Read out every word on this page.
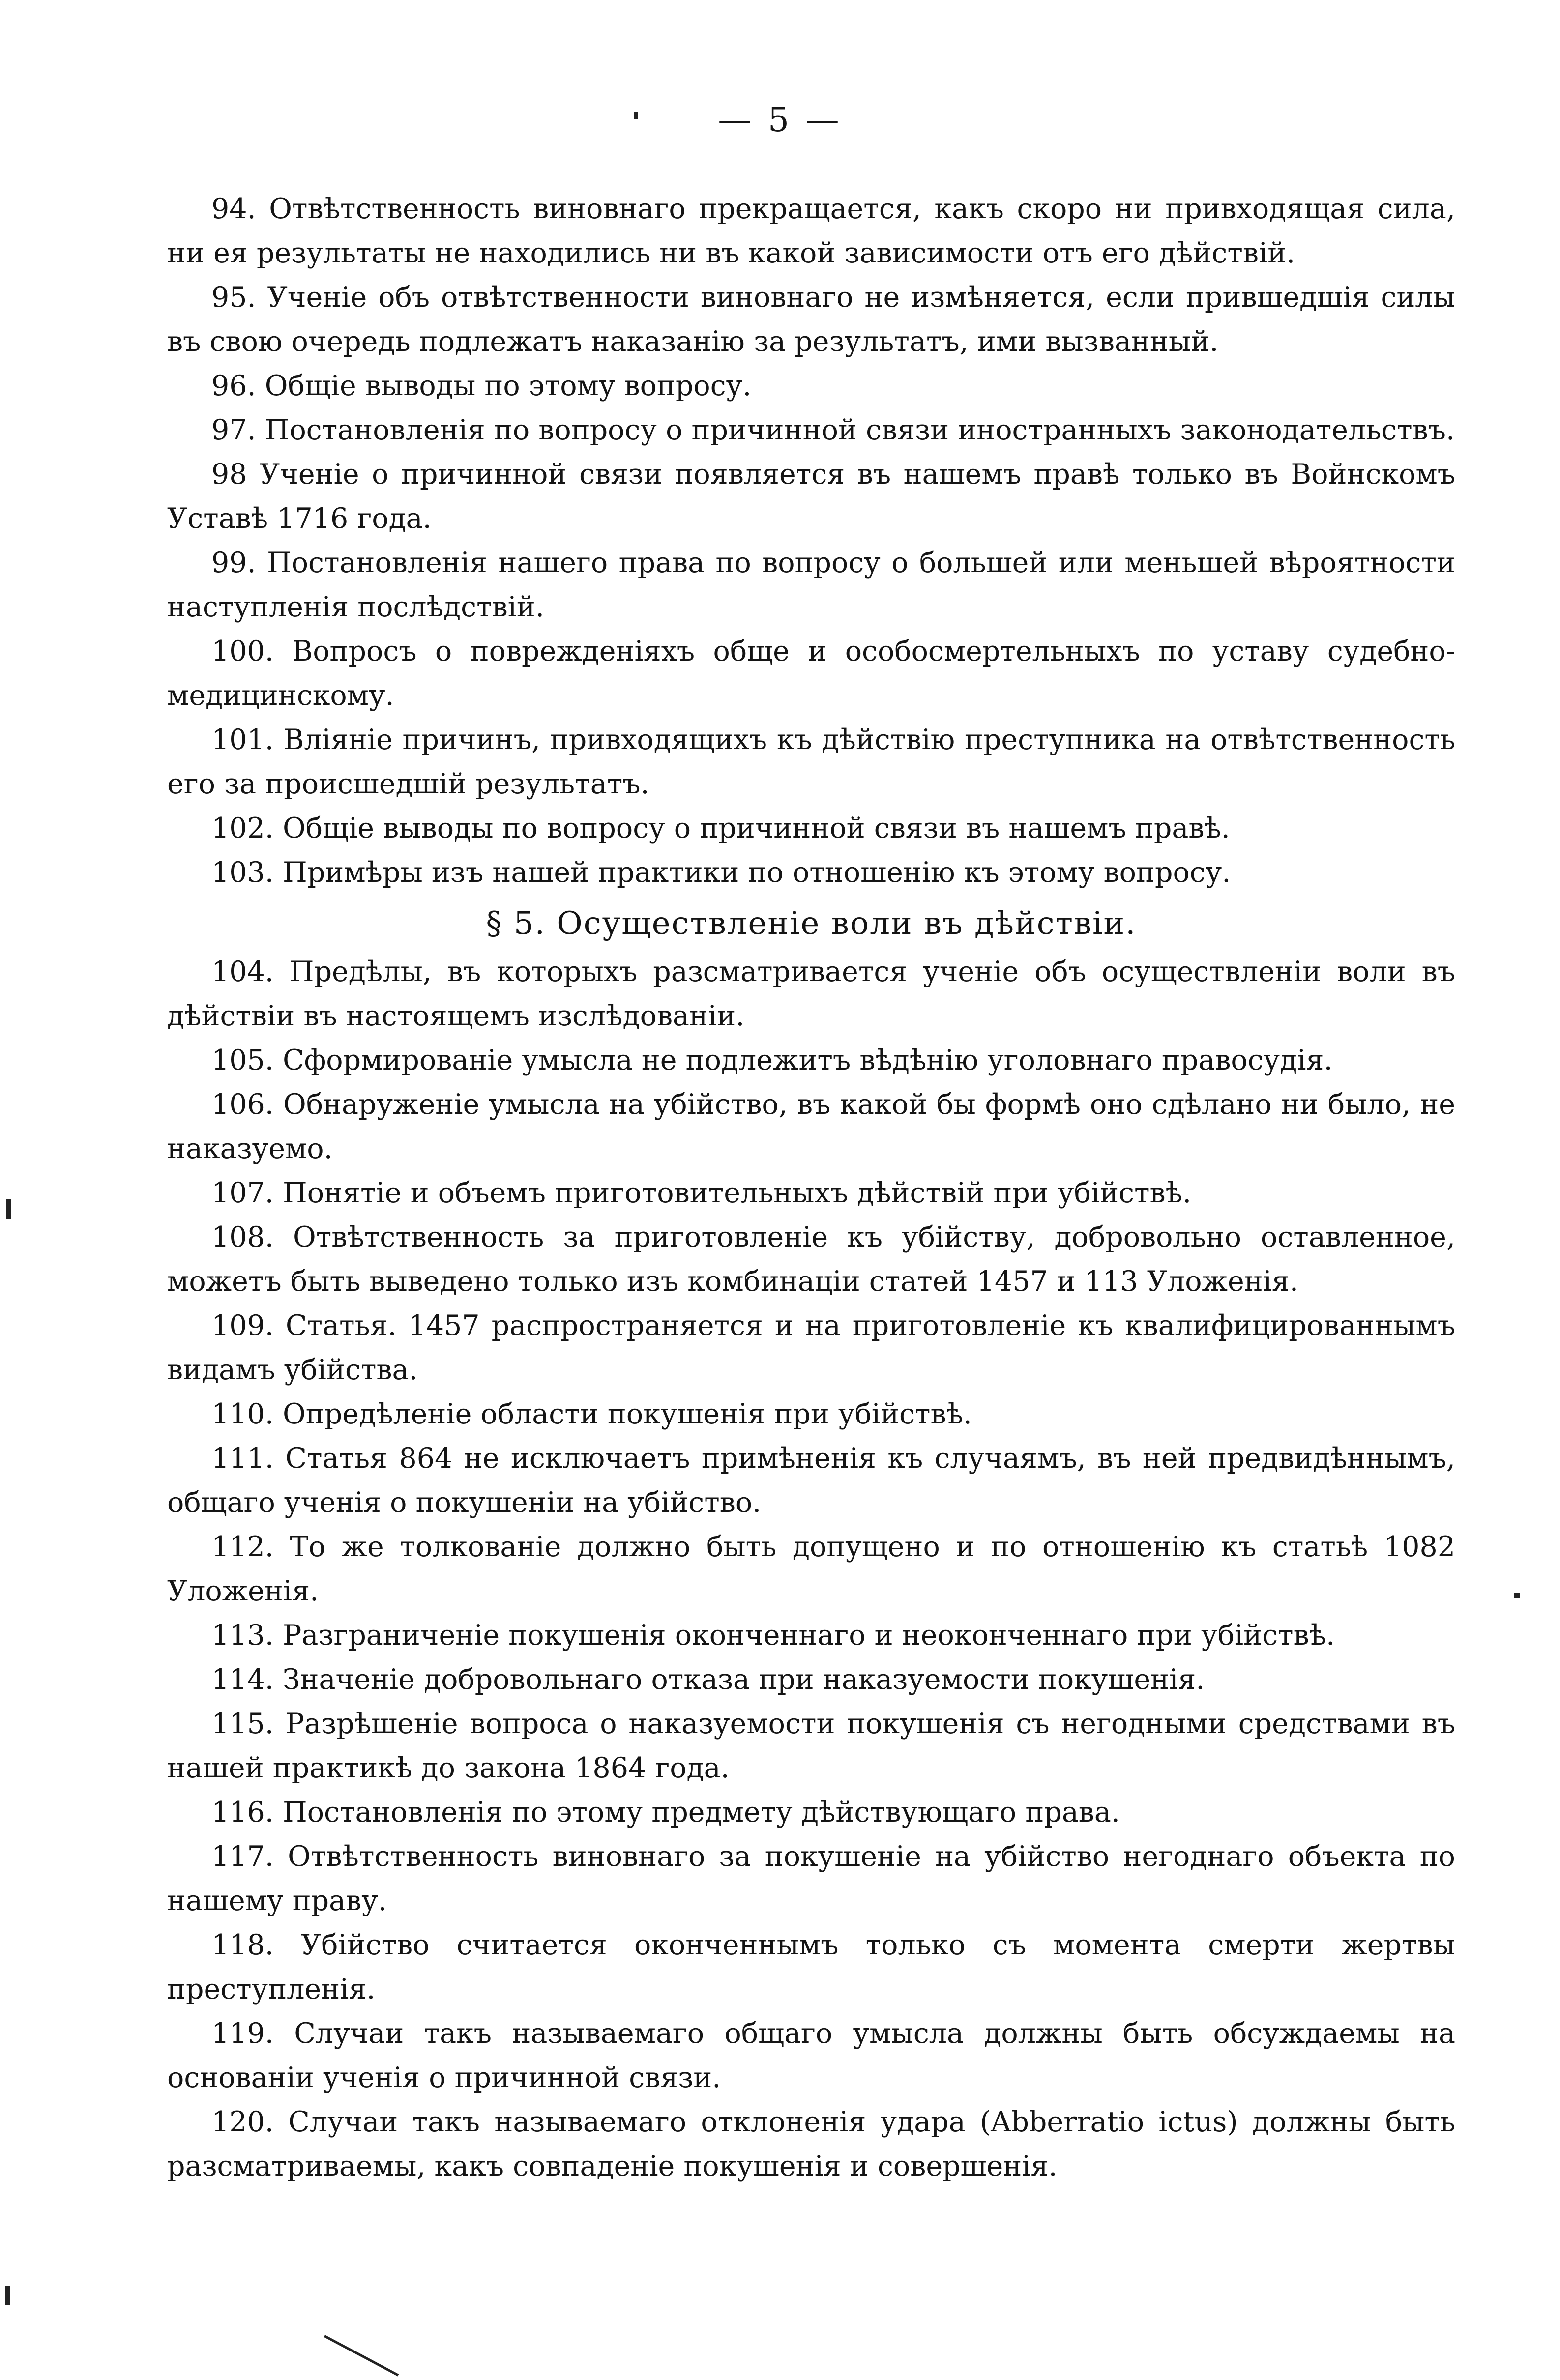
— 5 —

94. Отвѣтственность виновнаго прекращается, какъ скоро ни привходящая сила, ни ея результаты не находились ни въ какой зависимости отъ его дѣйствій.

95. Ученіе объ отвѣтственности виновнаго не измѣняется, если прившедшія силы въ свою очередь подлежатъ наказанію за результатъ, ими вызванный.

96. Общіе выводы по этому вопросу.

97. Постановленія по вопросу о причинной связи иностранныхъ законодательствъ.

98 Ученіе о причинной связи появляется въ нашемъ правѣ только въ Войнскомъ Уставѣ 1716 года.

99. Постановленія нашего права по вопросу о большей или меньшей вѣроятности наступленія послѣдствій.

100. Вопросъ о поврежденіяхъ обще и особосмертельныхъ по уставу судебно-медицинскому.

101. Вліяніе причинъ, привходящихъ къ дѣйствію преступника на отвѣтственность его за происшедшій результатъ.

102. Общіе выводы по вопросу о причинной связи въ нашемъ правѣ.

103. Примѣры изъ нашей практики по отношенію къ этому вопросу.

§ 5. Осуществленіе воли въ дѣйствіи.

104. Предѣлы, въ которыхъ разсматривается ученіе объ осуществленіи воли въ дѣйствіи въ настоящемъ изслѣдованіи.

105. Сформированіе умысла не подлежитъ вѣдѣнію уголовнаго правосудія.

106. Обнаруженіе умысла на убійство, въ какой бы формѣ оно сдѣлано ни было, не наказуемо.

107. Понятіе и объемъ приготовительныхъ дѣйствій при убійствѣ.

108. Отвѣтственность за приготовленіе къ убійству, добровольно оставленное, можетъ быть выведено только изъ комбинаціи статей 1457 и 113 Уложенія.

109. Статья. 1457 распространяется и на приготовленіе къ квалифицированнымъ видамъ убійства.

110. Опредѣленіе области покушенія при убійствѣ.

111. Статья 864 не исключаетъ примѣненія къ случаямъ, въ ней предвидѣннымъ, общаго ученія о покушеніи на убійство.

112. То же толкованіе должно быть допущено и по отношенію къ статьѣ 1082 Уложенія.

113. Разграниченіе покушенія оконченнаго и неоконченнаго при убійствѣ.

114. Значеніе добровольнаго отказа при наказуемости покушенія.

115. Разрѣшеніе вопроса о наказуемости покушенія съ негодными средствами въ нашей практикѣ до закона 1864 года.

116. Постановленія по этому предмету дѣйствующаго права.

117. Отвѣтственность виновнаго за покушеніе на убійство негоднаго объекта по нашему праву.

118. Убійство считается оконченнымъ только съ момента смерти жертвы преступленія.

119. Случаи такъ называемаго общаго умысла должны быть обсуждаемы на основаніи ученія о причинной связи.

120. Случаи такъ называемаго отклоненія удара (Abberratio ictus) должны быть разсматриваемы, какъ совпаденіе покушенія и совершенія.
